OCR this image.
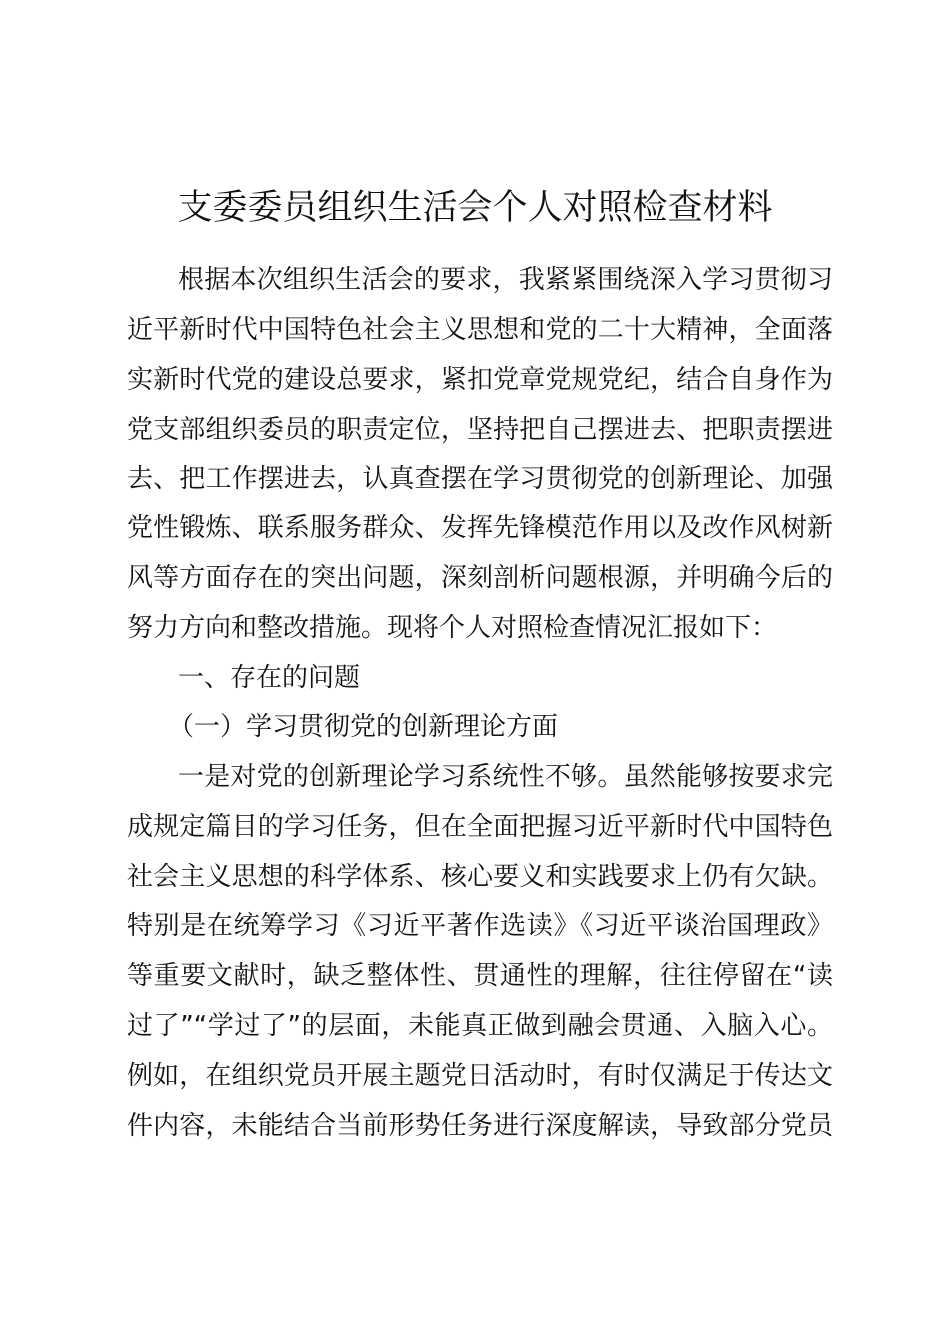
支委委员组织生活会个人对照检查材料
根据本次组织生活会的要求，我紧紧围绕深入学习贯彻习
近平新时代中国特色社会主义思想和党的二十大精神，全面落
实新时代党的建设总要求，紧扣党章党规党纪，结合自身作为
党支部组织委员的职责定位，坚持把自己摆进去、把职责摆进
去、把工作摆进去，认真查摆在学习贯彻党的创新理论、加强
党性锻炼、联系服务群众、发挥先锋模范作用以及改作风树新
风等方面存在的突出问题，深刻剖析问题根源，并明确今后的
努力方向和整改措施。现将个人对照检查情况汇报如下：
一、存在的问题
（一）学习贯彻党的创新理论方面
一是对党的创新理论学习系统性不够。虽然能够按要求完
成规定篇目的学习任务，但在全面把握习近平新时代中国特色
社会主义思想的科学体系、核心要义和实践要求上仍有欠缺。
特别是在统筹学习《习近平著作选读》《习近平谈治国理政》
等重要文献时，缺乏整体性、贯通性的理解，往往停留在“读
过了”“学过了”的层面，未能真正做到融会贯通、入脑入心。
例如，在组织党员开展主题党日活动时，有时仅满足于传达文
件内容，未能结合当前形势任务进行深度解读，导致部分党员
